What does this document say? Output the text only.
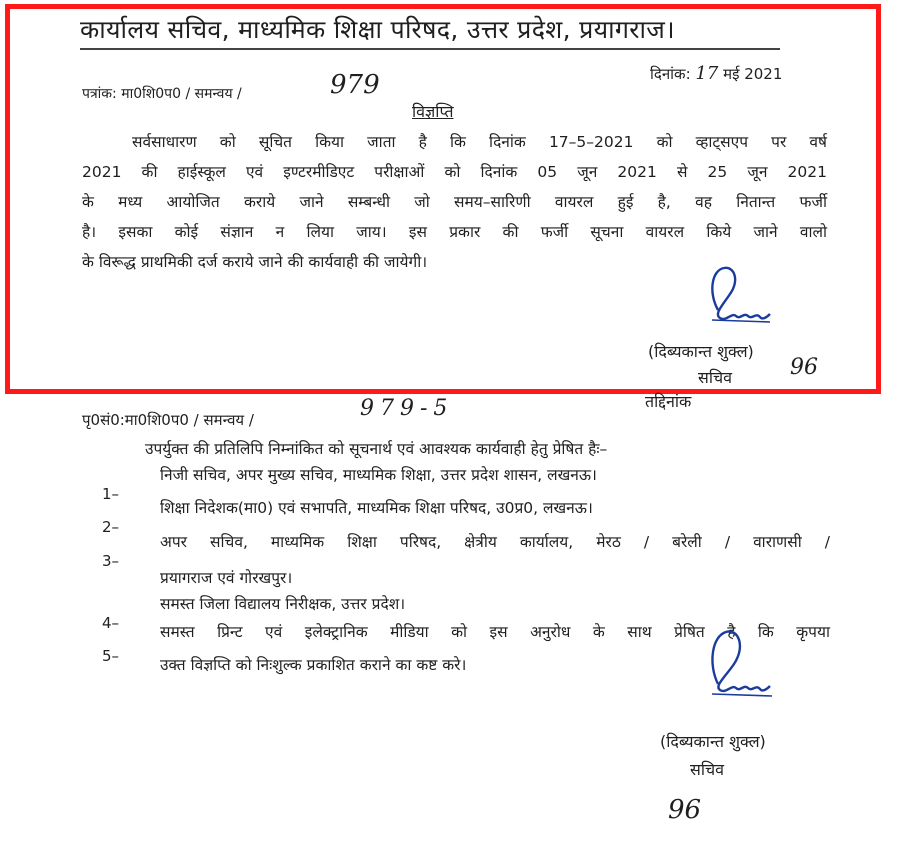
कार्यालय सचिव, माध्यमिक शिक्षा परिषद, उत्तर प्रदेश, प्रयागराज।
पत्रांक: मा0शि0प0 / समन्वय /	979	दिनांक: 17 मई 2021
विज्ञप्ति
सर्वसाधारण को सूचित किया जाता है कि दिनांक 17–5–2021 को व्हाट्सएप पर वर्ष
2021 की हाईस्कूल एवं इण्टरमीडिएट परीक्षाओं को दिनांक 05 जून 2021 से 25 जून 2021
के मध्य आयोजित कराये जाने सम्बन्धी जो समय–सारिणी वायरल हुई है, वह नितान्त फर्जी
है। इसका कोई संज्ञान न लिया जाय। इस प्रकार की फर्जी सूचना वायरल किये जाने वालो
के विरूद्ध प्राथमिकी दर्ज कराये जाने की कार्यवाही की जायेगी।
(दिब्यकान्त शुक्ल)
सचिव	96
पृ0सं0:मा0शि0प0 / समन्वय /	979-5	तद्दिनांक
उपर्युक्त की प्रतिलिपि निम्नांकित को सूचनार्थ एवं आवश्यक कार्यवाही हेतु प्रेषित हैः–
1–
निजी सचिव, अपर मुख्य सचिव, माध्यमिक शिक्षा, उत्तर प्रदेश शासन, लखनऊ।
2–
शिक्षा निदेशक(मा0) एवं सभापति, माध्यमिक शिक्षा परिषद, उ0प्र0, लखनऊ।
3–
अपर सचिव, माध्यमिक शिक्षा परिषद, क्षेत्रीय कार्यालय, मेरठ / बरेली / वाराणसी /
प्रयागराज एवं गोरखपुर।
4–
समस्त जिला विद्यालय निरीक्षक, उत्तर प्रदेश।
5–
समस्त प्रिन्ट एवं इलेक्ट्रानिक मीडिया को इस अनुरोध के साथ प्रेषित है कि कृपया
उक्त विज्ञप्ति को निःशुल्क प्रकाशित कराने का कष्ट करे।
(दिब्यकान्त शुक्ल)
सचिव
96
